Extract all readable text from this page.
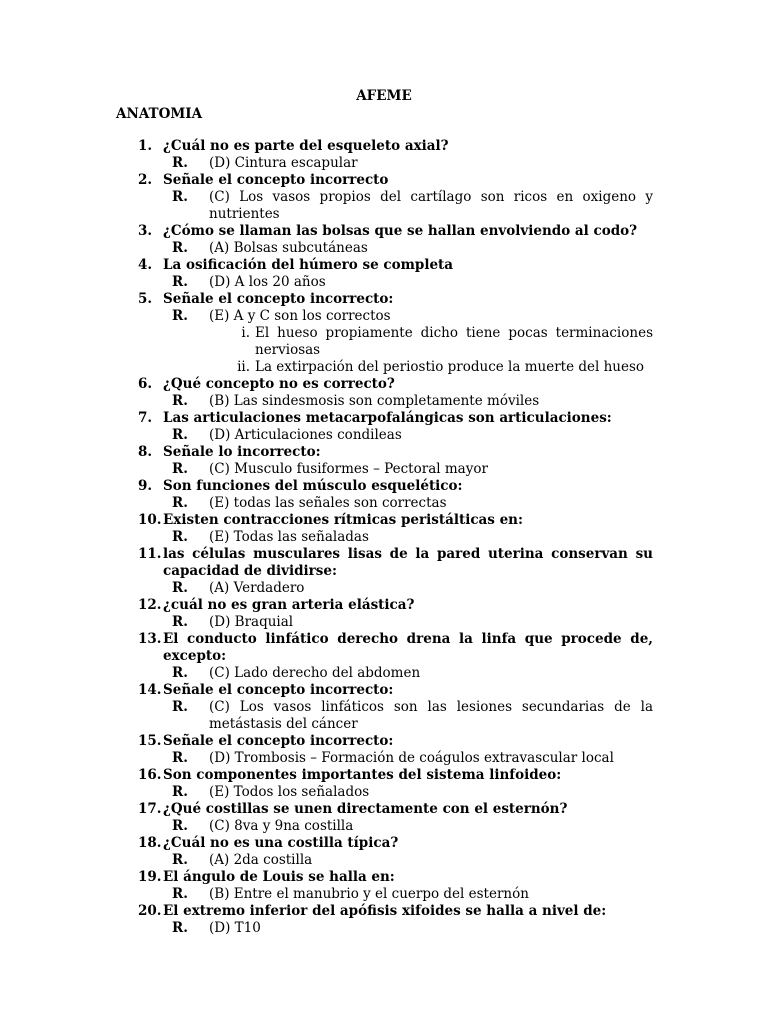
AFEME
ANATOMIA
1. ¿Cuál no es parte del esqueleto axial?
R. (D) Cintura escapular
2. Señale el concepto incorrecto
R. (C) Los vasos propios del cartílago son ricos en oxigeno y nutrientes
3. ¿Cómo se llaman las bolsas que se hallan envolviendo al codo?
R. (A) Bolsas subcutáneas
4. La osificación del húmero se completa
R. (D) A los 20 años
5. Señale el concepto incorrecto:
R. (E) A y C son los correctos
i. El hueso propiamente dicho tiene pocas terminaciones nerviosas
ii. La extirpación del periostio produce la muerte del hueso
6. ¿Qué concepto no es correcto?
R. (B) Las sindesmosis son completamente móviles
7. Las articulaciones metacarpofalángicas son articulaciones:
R. (D) Articulaciones condileas
8. Señale lo incorrecto:
R. (C) Musculo fusiformes – Pectoral mayor
9. Son funciones del músculo esquelético:
R. (E) todas las señales son correctas
10. Existen contracciones rítmicas peristálticas en:
R. (E) Todas las señaladas
11. las células musculares lisas de la pared uterina conservan su capacidad de dividirse:
R. (A) Verdadero
12. ¿cuál no es gran arteria elástica?
R. (D) Braquial
13. El conducto linfático derecho drena la linfa que procede de, excepto:
R. (C) Lado derecho del abdomen
14. Señale el concepto incorrecto:
R. (C) Los vasos linfáticos son las lesiones secundarias de la metástasis del cáncer
15. Señale el concepto incorrecto:
R. (D) Trombosis – Formación de coágulos extravascular local
16. Son componentes importantes del sistema linfoideo:
R. (E) Todos los señalados
17. ¿Qué costillas se unen directamente con el esternón?
R. (C) 8va y 9na costilla
18. ¿Cuál no es una costilla típica?
R. (A) 2da costilla
19. El ángulo de Louis se halla en:
R. (B) Entre el manubrio y el cuerpo del esternón
20. El extremo inferior del apófisis xifoides se halla a nivel de:
R. (D) T10
